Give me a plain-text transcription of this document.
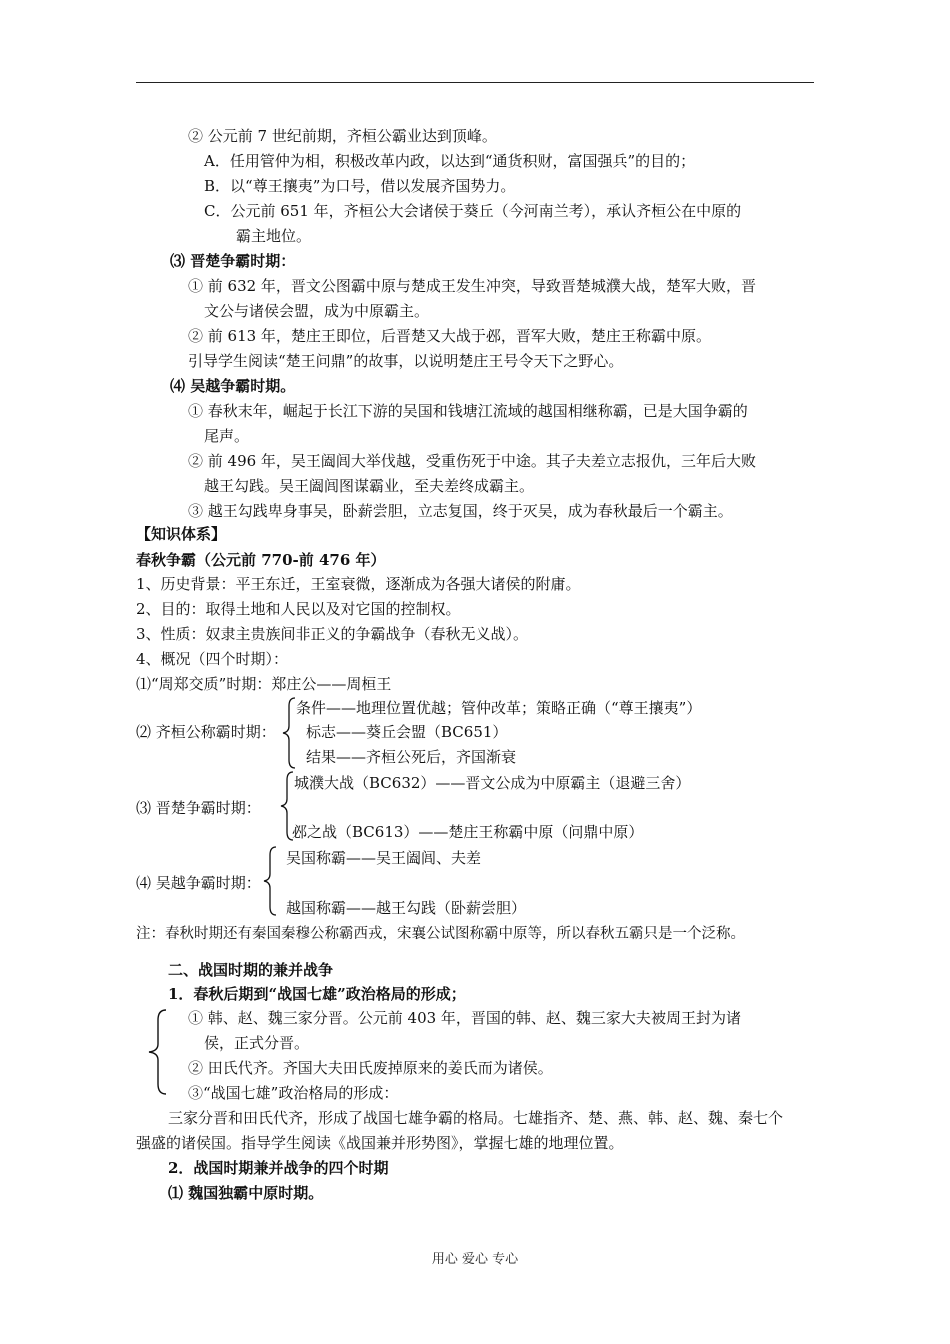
② 公元前 7 世纪前期，齐桓公霸业达到顶峰。
A．任用管仲为相，积极改革内政，以达到“通货积财，富国强兵”的目的；
B．以“尊王攘夷”为口号，借以发展齐国势力。
C．公元前 651 年，齐桓公大会诸侯于葵丘（今河南兰考），承认齐桓公在中原的
霸主地位。
⑶ 晋楚争霸时期：
① 前 632 年，晋文公图霸中原与楚成王发生冲突，导致晋楚城濮大战，楚军大败，晋
文公与诸侯会盟，成为中原霸主。
② 前 613 年，楚庄王即位，后晋楚又大战于邲，晋军大败，楚庄王称霸中原。
引导学生阅读“楚王问鼎”的故事，以说明楚庄王号令天下之野心。
⑷ 吴越争霸时期。
① 春秋末年，崛起于长江下游的吴国和钱塘江流域的越国相继称霸，已是大国争霸的
尾声。
② 前 496 年，吴王阖闾大举伐越，受重伤死于中途。其子夫差立志报仇，三年后大败
越王勾践。吴王阖闾图谋霸业，至夫差终成霸主。
③ 越王勾践卑身事吴，卧薪尝胆，立志复国，终于灭吴，成为春秋最后一个霸主。
【知识体系】
春秋争霸（公元前 770-前 476 年）
1、历史背景：平王东迁，王室衰微，逐渐成为各强大诸侯的附庸。
2、目的：取得土地和人民以及对它国的控制权。
3、性质：奴隶主贵族间非正义的争霸战争（春秋无义战）。
4、概况（四个时期）：
⑴“周郑交质”时期：郑庄公——周桓王
条件——地理位置优越；管仲改革；策略正确（“尊王攘夷”）
⑵ 齐桓公称霸时期： 标志——葵丘会盟（BC651）
结果——齐桓公死后，齐国渐衰
城濮大战（BC632）——晋文公成为中原霸主（退避三舍）
⑶ 晋楚争霸时期：
邲之战（BC613）——楚庄王称霸中原（问鼎中原）
吴国称霸——吴王阖闾、夫差
⑷ 吴越争霸时期：
越国称霸——越王勾践（卧薪尝胆）
注：春秋时期还有秦国秦穆公称霸西戎，宋襄公试图称霸中原等，所以春秋五霸只是一个泛称。
二、战国时期的兼并战争
1．春秋后期到“战国七雄”政治格局的形成；
① 韩、赵、魏三家分晋。公元前 403 年，晋国的韩、赵、魏三家大夫被周王封为诸
侯，正式分晋。
② 田氏代齐。齐国大夫田氏废掉原来的姜氏而为诸侯。
③“战国七雄”政治格局的形成：
三家分晋和田氏代齐，形成了战国七雄争霸的格局。七雄指齐、楚、燕、韩、赵、魏、秦七个
强盛的诸侯国。指导学生阅读《战国兼并形势图》，掌握七雄的地理位置。
2．战国时期兼并战争的四个时期
⑴ 魏国独霸中原时期。
用心 爱心 专心
